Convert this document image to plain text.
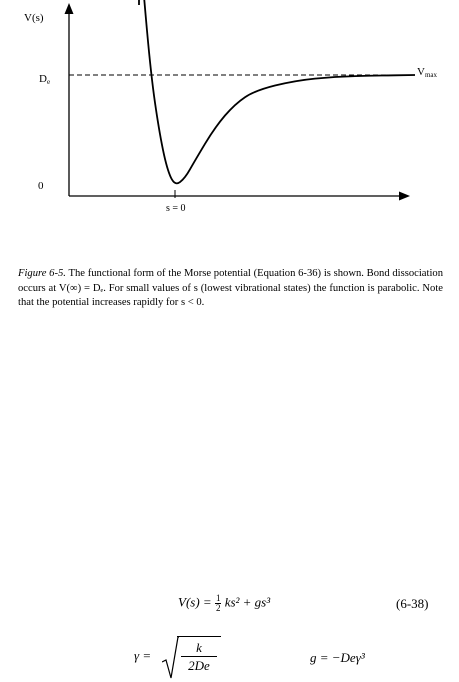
V(s)
De
0
Vmax
s = 0
Figure 6-5. The functional form of the Morse potential (Equation 6-36) is shown. Bond dissociation occurs at V(∞) = Dₑ. For small values of s (lowest vibrational states) the function is parabolic. Note that the potential increases rapidly for s < 0.
$V(s) = \frac{1}{2} ks^2 + gs^3$	(6-38)
$\gamma = \frac{k}{2De}$	g = −Deγ³
